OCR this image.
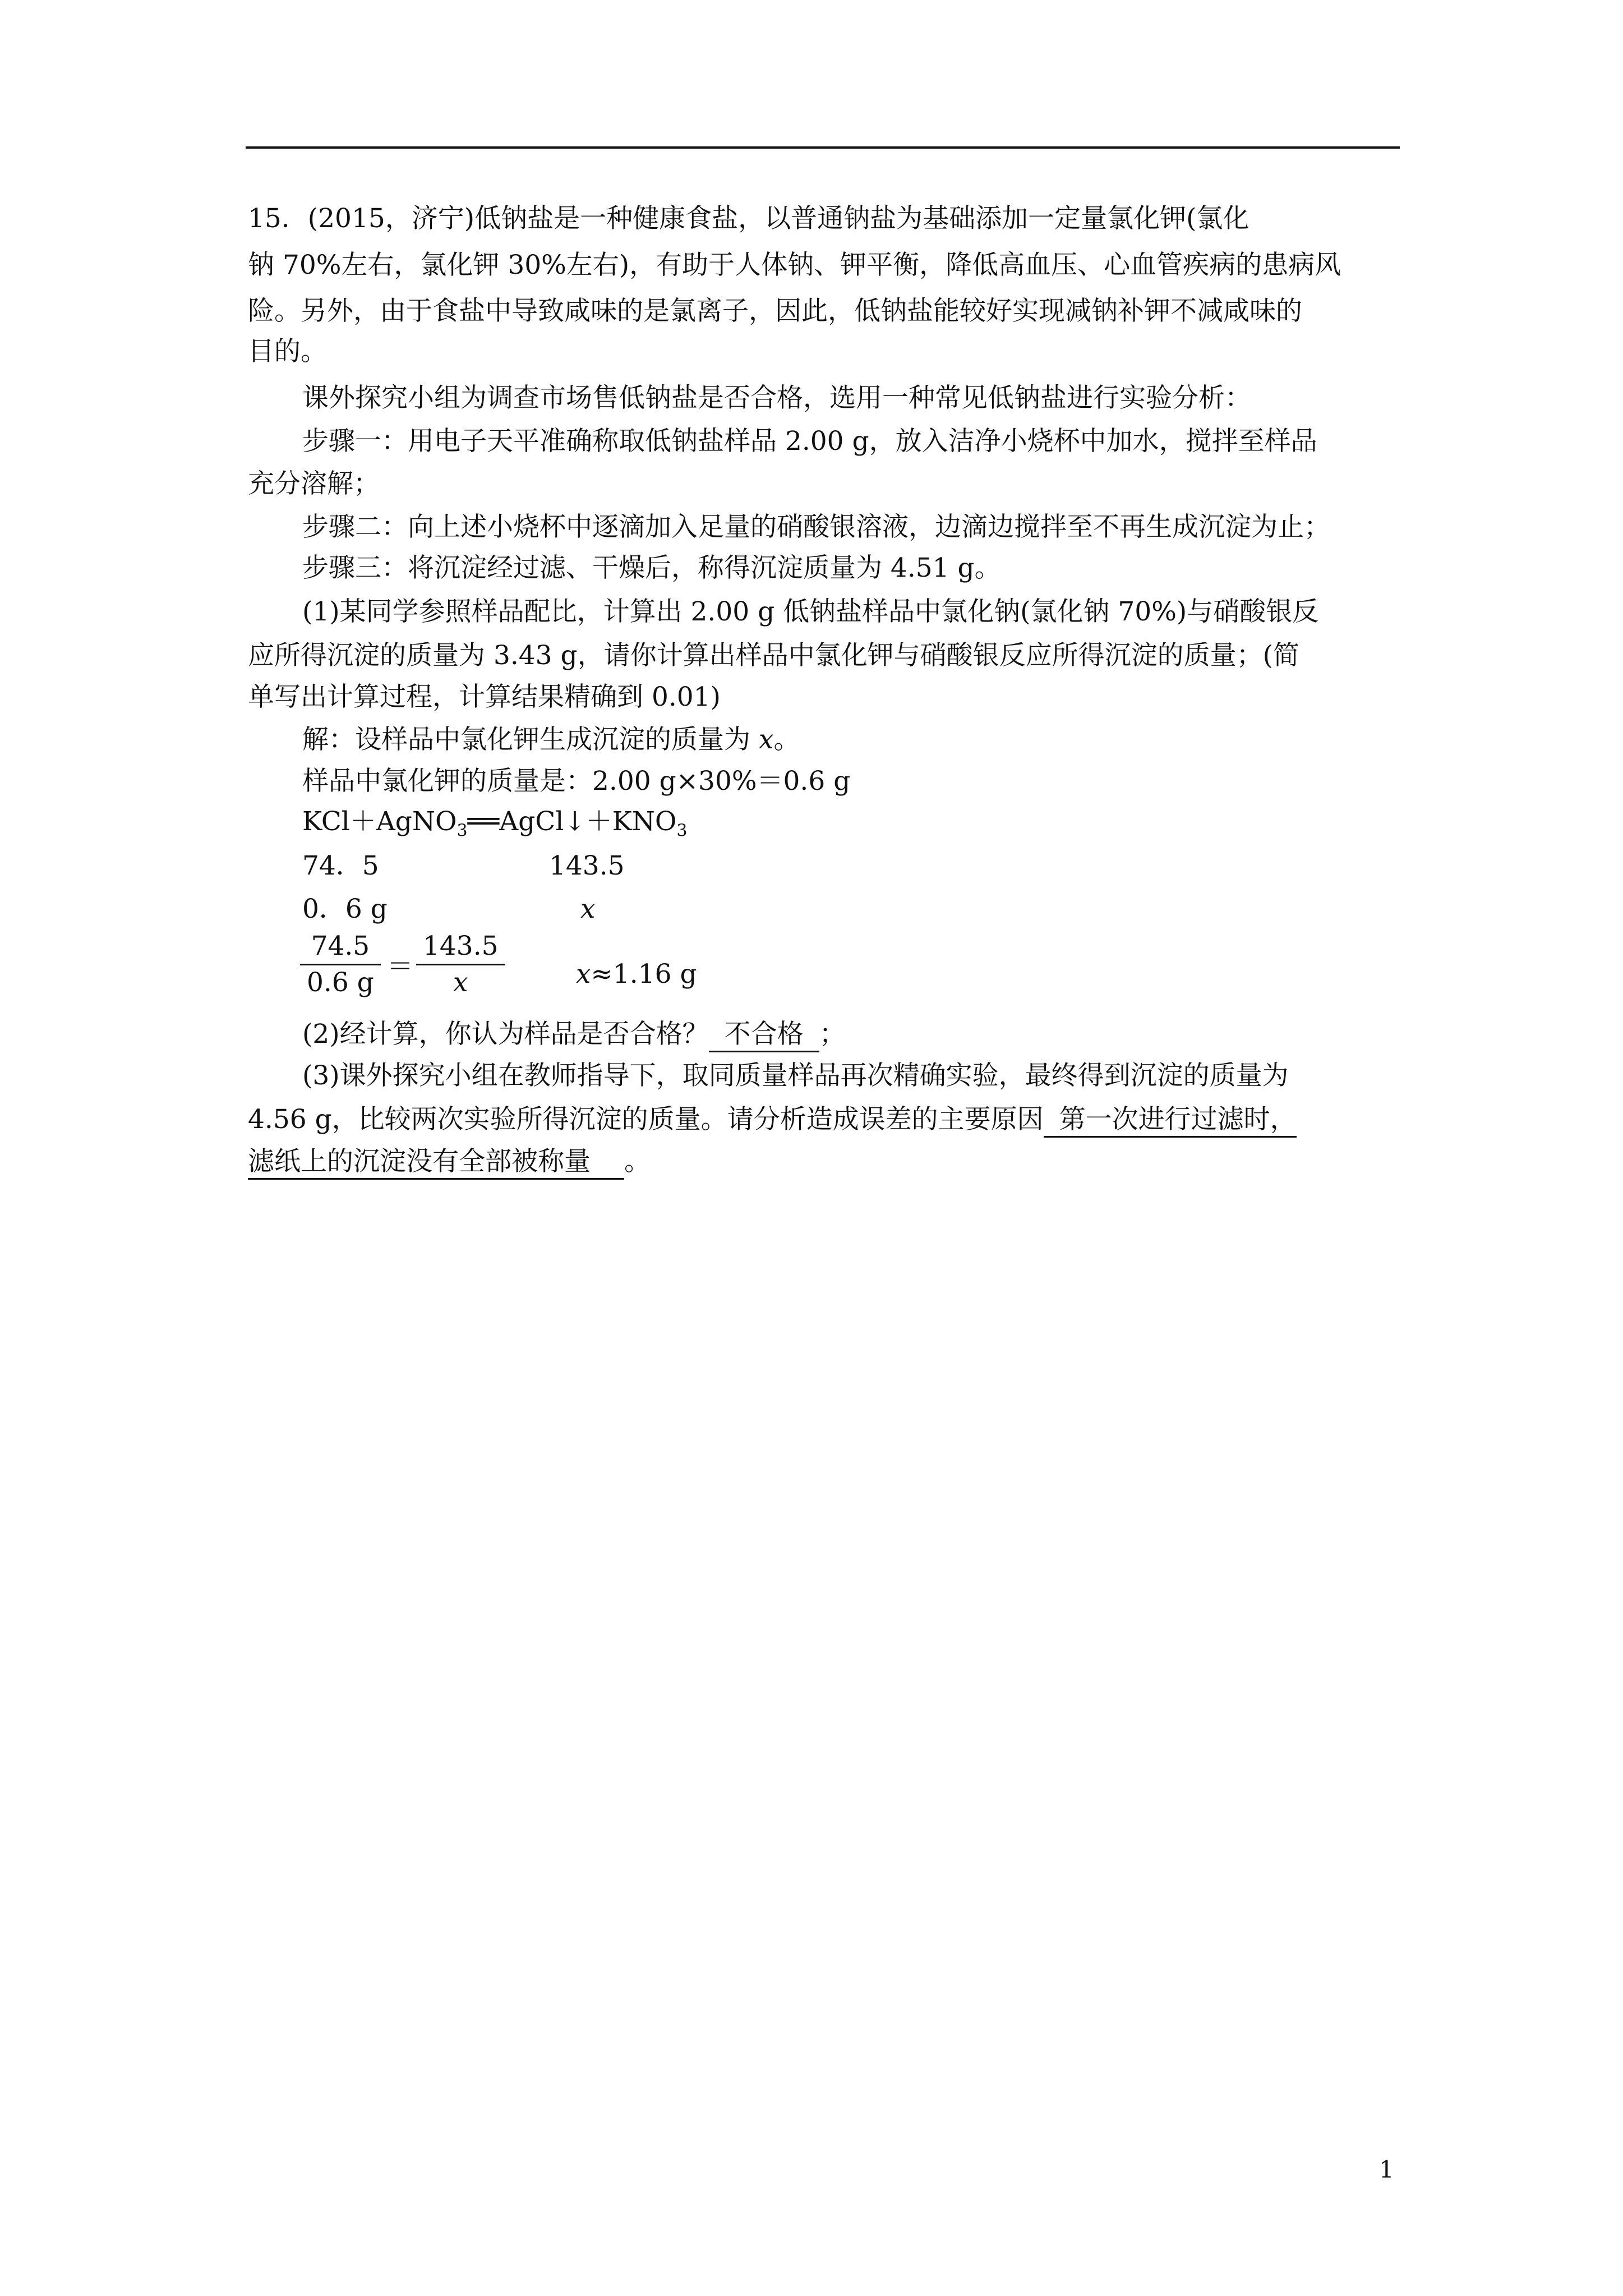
15．(2015，济宁)低钠盐是一种健康食盐，以普通钠盐为基础添加一定量氯化钾(氯化
钠 70%左右，氯化钾 30%左右)，有助于人体钠、钾平衡，降低高血压、心血管疾病的患病风
险。另外，由于食盐中导致咸味的是氯离子，因此，低钠盐能较好实现减钠补钾不减咸味的
目的。
课外探究小组为调查市场售低钠盐是否合格，选用一种常见低钠盐进行实验分析：
步骤一：用电子天平准确称取低钠盐样品 2.00 g，放入洁净小烧杯中加水，搅拌至样品
充分溶解；
步骤二：向上述小烧杯中逐滴加入足量的硝酸银溶液，边滴边搅拌至不再生成沉淀为止；
步骤三：将沉淀经过滤、干燥后，称得沉淀质量为 4.51 g。
(1)某同学参照样品配比，计算出 2.00 g 低钠盐样品中氯化钠(氯化钠 70%)与硝酸银反
应所得沉淀的质量为 3.43 g，请你计算出样品中氯化钾与硝酸银反应所得沉淀的质量；(简
单写出计算过程，计算结果精确到 0.01)
解：设样品中氯化钾生成沉淀的质量为 x。
样品中氯化钾的质量是：2.00 g×30%＝0.6 g
$KCl+AgNO_3══AgCl↓+KNO_3$
74．5	143.5
0．6 g	x
74.5
0.6 g
＝
143.5
x	x≈1.16 g
(2)经计算，你认为样品是否合格？ 不合格 ；
(3)课外探究小组在教师指导下，取同质量样品再次精确实验，最终得到沉淀的质量为
4.56 g，比较两次实验所得沉淀的质量。请分析造成误差的主要原因 第一次进行过滤时，
滤纸上的沉淀没有全部被称量 。
1
